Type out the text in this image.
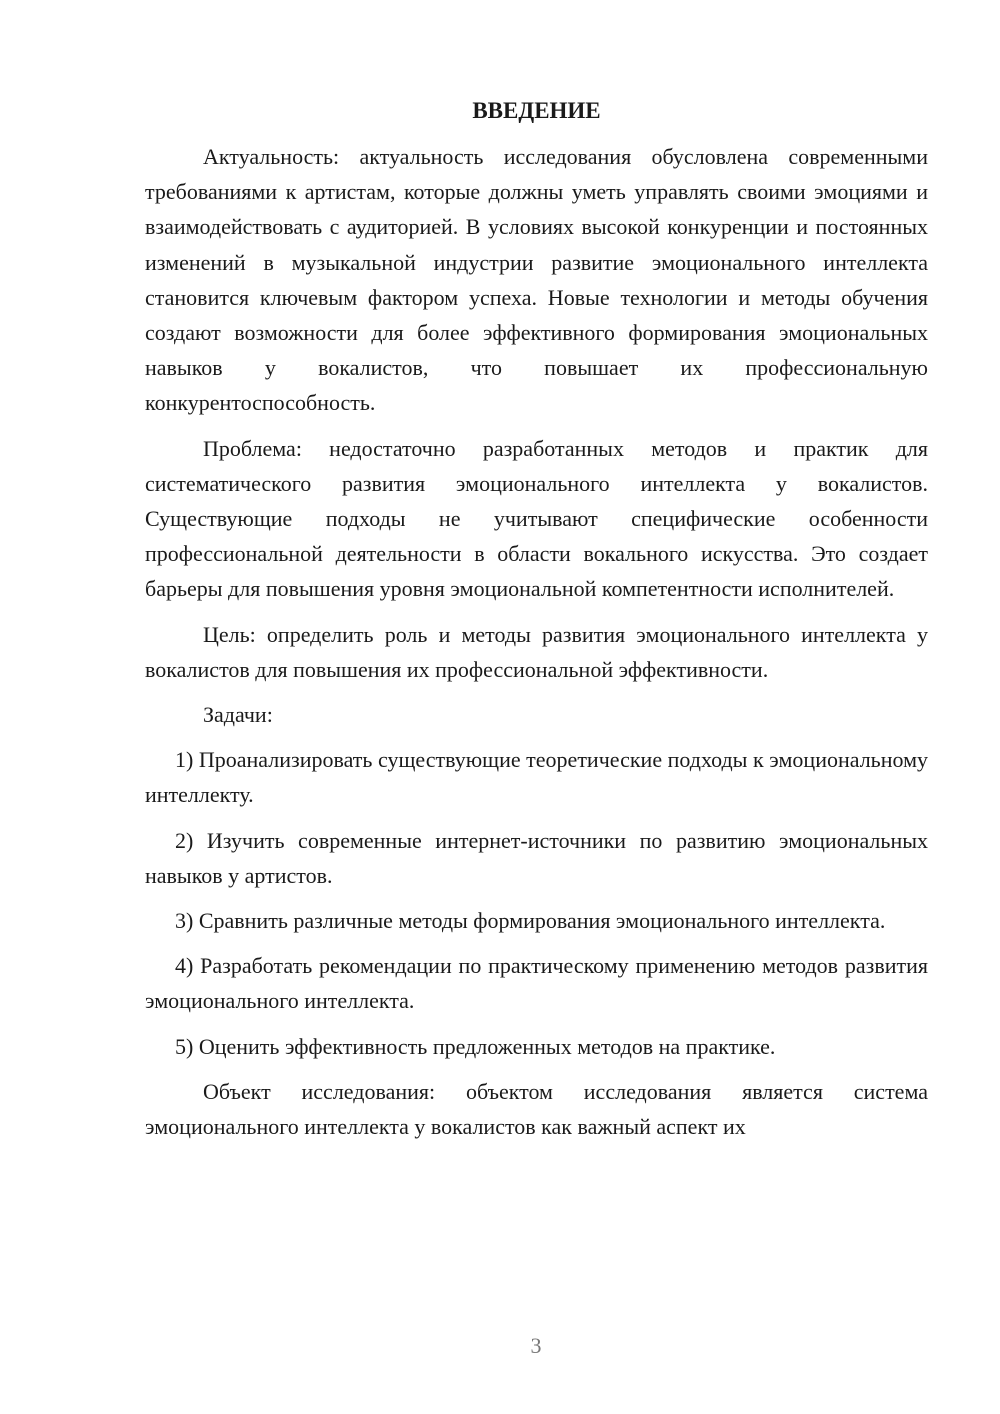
ВВЕДЕНИЕ

Актуальность: актуальность исследования обусловлена современными требованиями к артистам, которые должны уметь управлять своими эмоциями и взаимодействовать с аудиторией. В условиях высокой конкуренции и постоянных изменений в музыкальной индустрии развитие эмоционального интеллекта становится ключевым фактором успеха. Новые технологии и методы обучения создают возможности для более эффективного формирования эмоциональных навыков у вокалистов, что повышает их профессиональную конкурентоспособность.

Проблема: недостаточно разработанных методов и практик для систематического развития эмоционального интеллекта у вокалистов. Существующие подходы не учитывают специфические особенности профессиональной деятельности в области вокального искусства. Это создает барьеры для повышения уровня эмоциональной компетентности исполнителей.

Цель: определить роль и методы развития эмоционального интеллекта у вокалистов для повышения их профессиональной эффективности.

Задачи:

1) Проанализировать существующие теоретические подходы к эмоциональному интеллекту.

2) Изучить современные интернет-источники по развитию эмоциональных навыков у артистов.

3) Сравнить различные методы формирования эмоционального интеллекта.

4) Разработать рекомендации по практическому применению методов развития эмоционального интеллекта.

5) Оценить эффективность предложенных методов на практике.

Объект исследования: объектом исследования является система эмоционального интеллекта у вокалистов как важный аспект их

3
